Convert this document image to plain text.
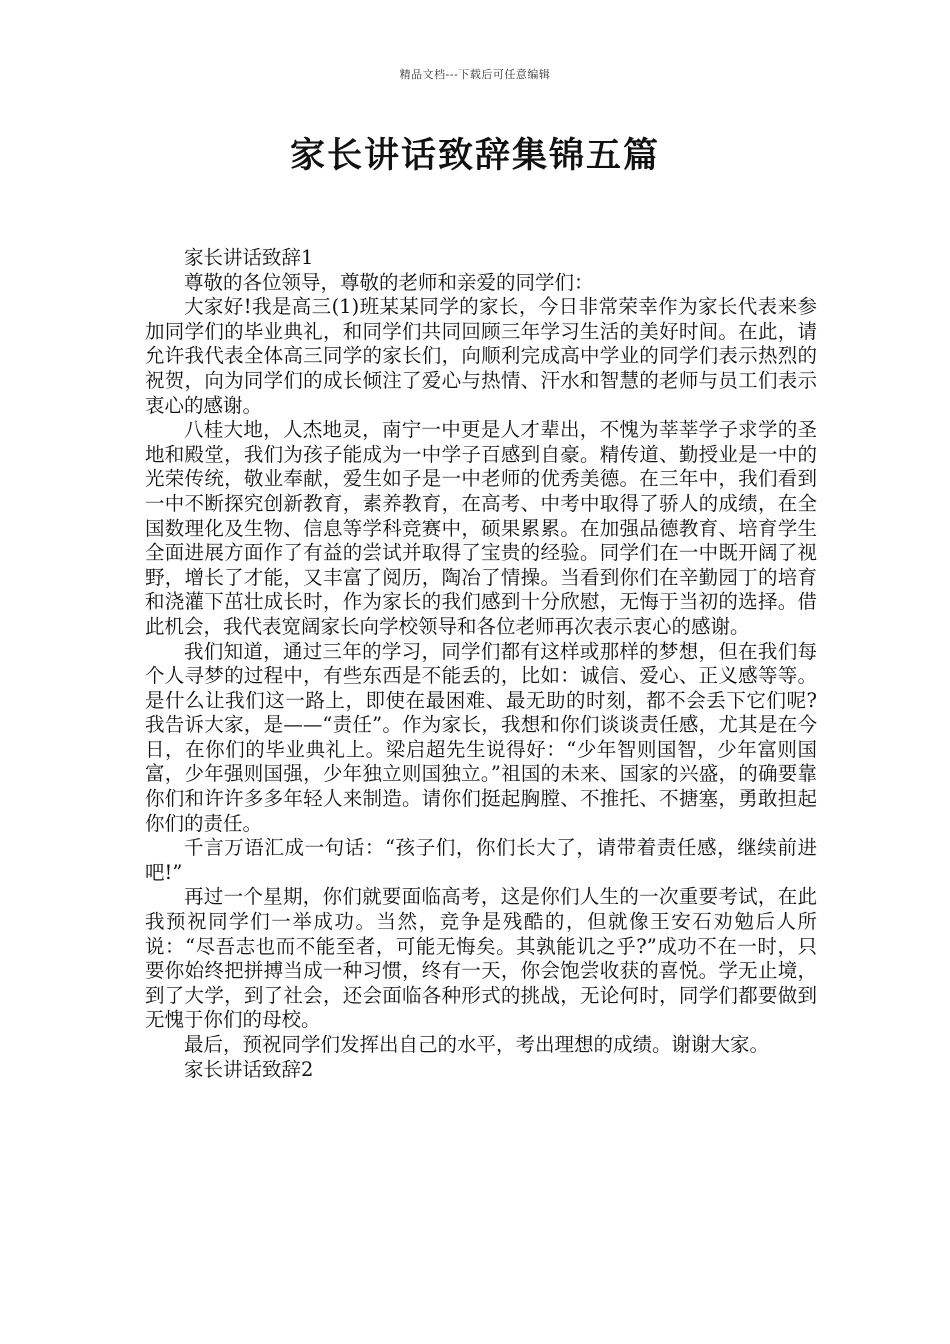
精品文档---下载后可任意编辑
家长讲话致辞集锦五篇

家长讲话致辞1

尊敬的各位领导，尊敬的老师和亲爱的同学们：

大家好!我是高三(1)班某某同学的家长，今日非常荣幸作为家长代表来参加同学们的毕业典礼，和同学们共同回顾三年学习生活的美好时间。在此，请允许我代表全体高三同学的家长们，向顺利完成高中学业的同学们表示热烈的祝贺，向为同学们的成长倾注了爱心与热情、汗水和智慧的老师与员工们表示衷心的感谢。

八桂大地，人杰地灵，南宁一中更是人才辈出，不愧为莘莘学子求学的圣地和殿堂，我们为孩子能成为一中学子百感到自豪。精传道、勤授业是一中的光荣传统，敬业奉献，爱生如子是一中老师的优秀美德。在三年中，我们看到一中不断探究创新教育，素养教育，在高考、中考中取得了骄人的成绩，在全国数理化及生物、信息等学科竞赛中，硕果累累。在加强品德教育、培育学生全面进展方面作了有益的尝试并取得了宝贵的经验。同学们在一中既开阔了视野，增长了才能，又丰富了阅历，陶冶了情操。当看到你们在辛勤园丁的培育和浇灌下茁壮成长时，作为家长的我们感到十分欣慰，无悔于当初的选择。借此机会，我代表宽阔家长向学校领导和各位老师再次表示衷心的感谢。

我们知道，通过三年的学习，同学们都有这样或那样的梦想，但在我们每个人寻梦的过程中，有些东西是不能丢的，比如：诚信、爱心、正义感等等。是什么让我们这一路上，即使在最困难、最无助的时刻，都不会丢下它们呢?我告诉大家，是——“责任”。作为家长，我想和你们谈谈责任感，尤其是在今日，在你们的毕业典礼上。梁启超先生说得好：“少年智则国智，少年富则国富，少年强则国强，少年独立则国独立。”祖国的未来、国家的兴盛，的确要靠你们和许许多多年轻人来制造。请你们挺起胸膛、不推托、不搪塞，勇敢担起你们的责任。

千言万语汇成一句话：“孩子们，你们长大了，请带着责任感，继续前进吧!”

再过一个星期，你们就要面临高考，这是你们人生的一次重要考试，在此我预祝同学们一举成功。当然，竞争是残酷的，但就像王安石劝勉后人所说：“尽吾志也而不能至者，可能无悔矣。其孰能讥之乎?”成功不在一时，只要你始终把拼搏当成一种习惯，终有一天，你会饱尝收获的喜悦。学无止境，到了大学，到了社会，还会面临各种形式的挑战，无论何时，同学们都要做到无愧于你们的母校。

最后，预祝同学们发挥出自己的水平，考出理想的成绩。谢谢大家。

家长讲话致辞2
